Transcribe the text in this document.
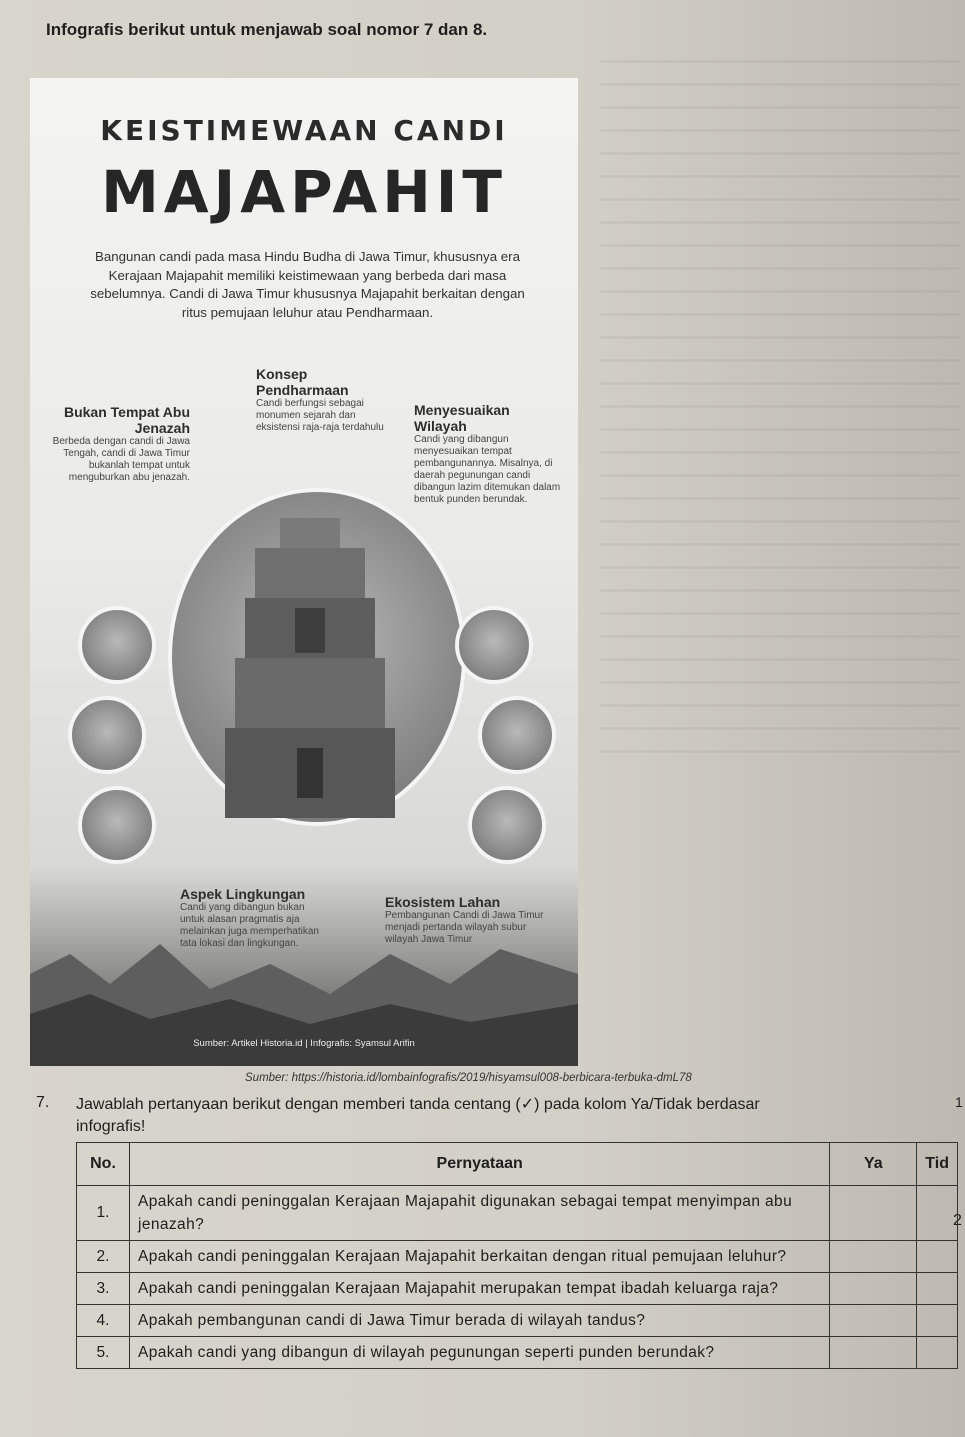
Infografis berikut untuk menjawab soal nomor 7 dan 8.
KEISTIMEWAAN CANDI
MAJAPAHIT
Bangunan candi pada masa Hindu Budha di Jawa Timur, khususnya era Kerajaan Majapahit memiliki keistimewaan yang berbeda dari masa sebelumnya. Candi di Jawa Timur khususnya Majapahit berkaitan dengan ritus pemujaan leluhur atau Pendharmaan.
Bukan Tempat Abu Jenazah
Berbeda dengan candi di Jawa Tengah, candi di Jawa Timur bukanlah tempat untuk menguburkan abu jenazah.
Konsep Pendharmaan
Candi berfungsi sebagai monumen sejarah dan eksistensi raja-raja terdahulu
Menyesuaikan Wilayah
Candi yang dibangun menyesuaikan tempat pembangunannya. Misalnya, di daerah pegunungan candi dibangun lazim ditemukan dalam bentuk punden berundak.
Aspek Lingkungan
Candi yang dibangun bukan untuk alasan pragmatis aja melainkan juga memperhatikan tata lokasi dan lingkungan.
Ekosistem Lahan
Pembangunan Candi di Jawa Timur menjadi pertanda wilayah subur wilayah Jawa Timur
Sumber: Artikel Historia.id | Infografis: Syamsul Arifin
Sumber: https://historia.id/lombainfografis/2019/hisyamsul008-berbicara-terbuka-dmL78
7. Jawablah pertanyaan berikut dengan memberi tanda centang (✓) pada kolom Ya/Tidak berdasar
infografis!
1
2
No.	Pernyataan	Ya	Tid
1.	Apakah candi peninggalan Kerajaan Majapahit digunakan sebagai tempat menyimpan abu jenazah?		
2.	Apakah candi peninggalan Kerajaan Majapahit berkaitan dengan ritual pemujaan leluhur?		
3.	Apakah candi peninggalan Kerajaan Majapahit merupakan tempat ibadah keluarga raja?		
4.	Apakah pembangunan candi di Jawa Timur berada di wilayah tandus?		
5.	Apakah candi yang dibangun di wilayah pegunungan seperti punden berundak?		
